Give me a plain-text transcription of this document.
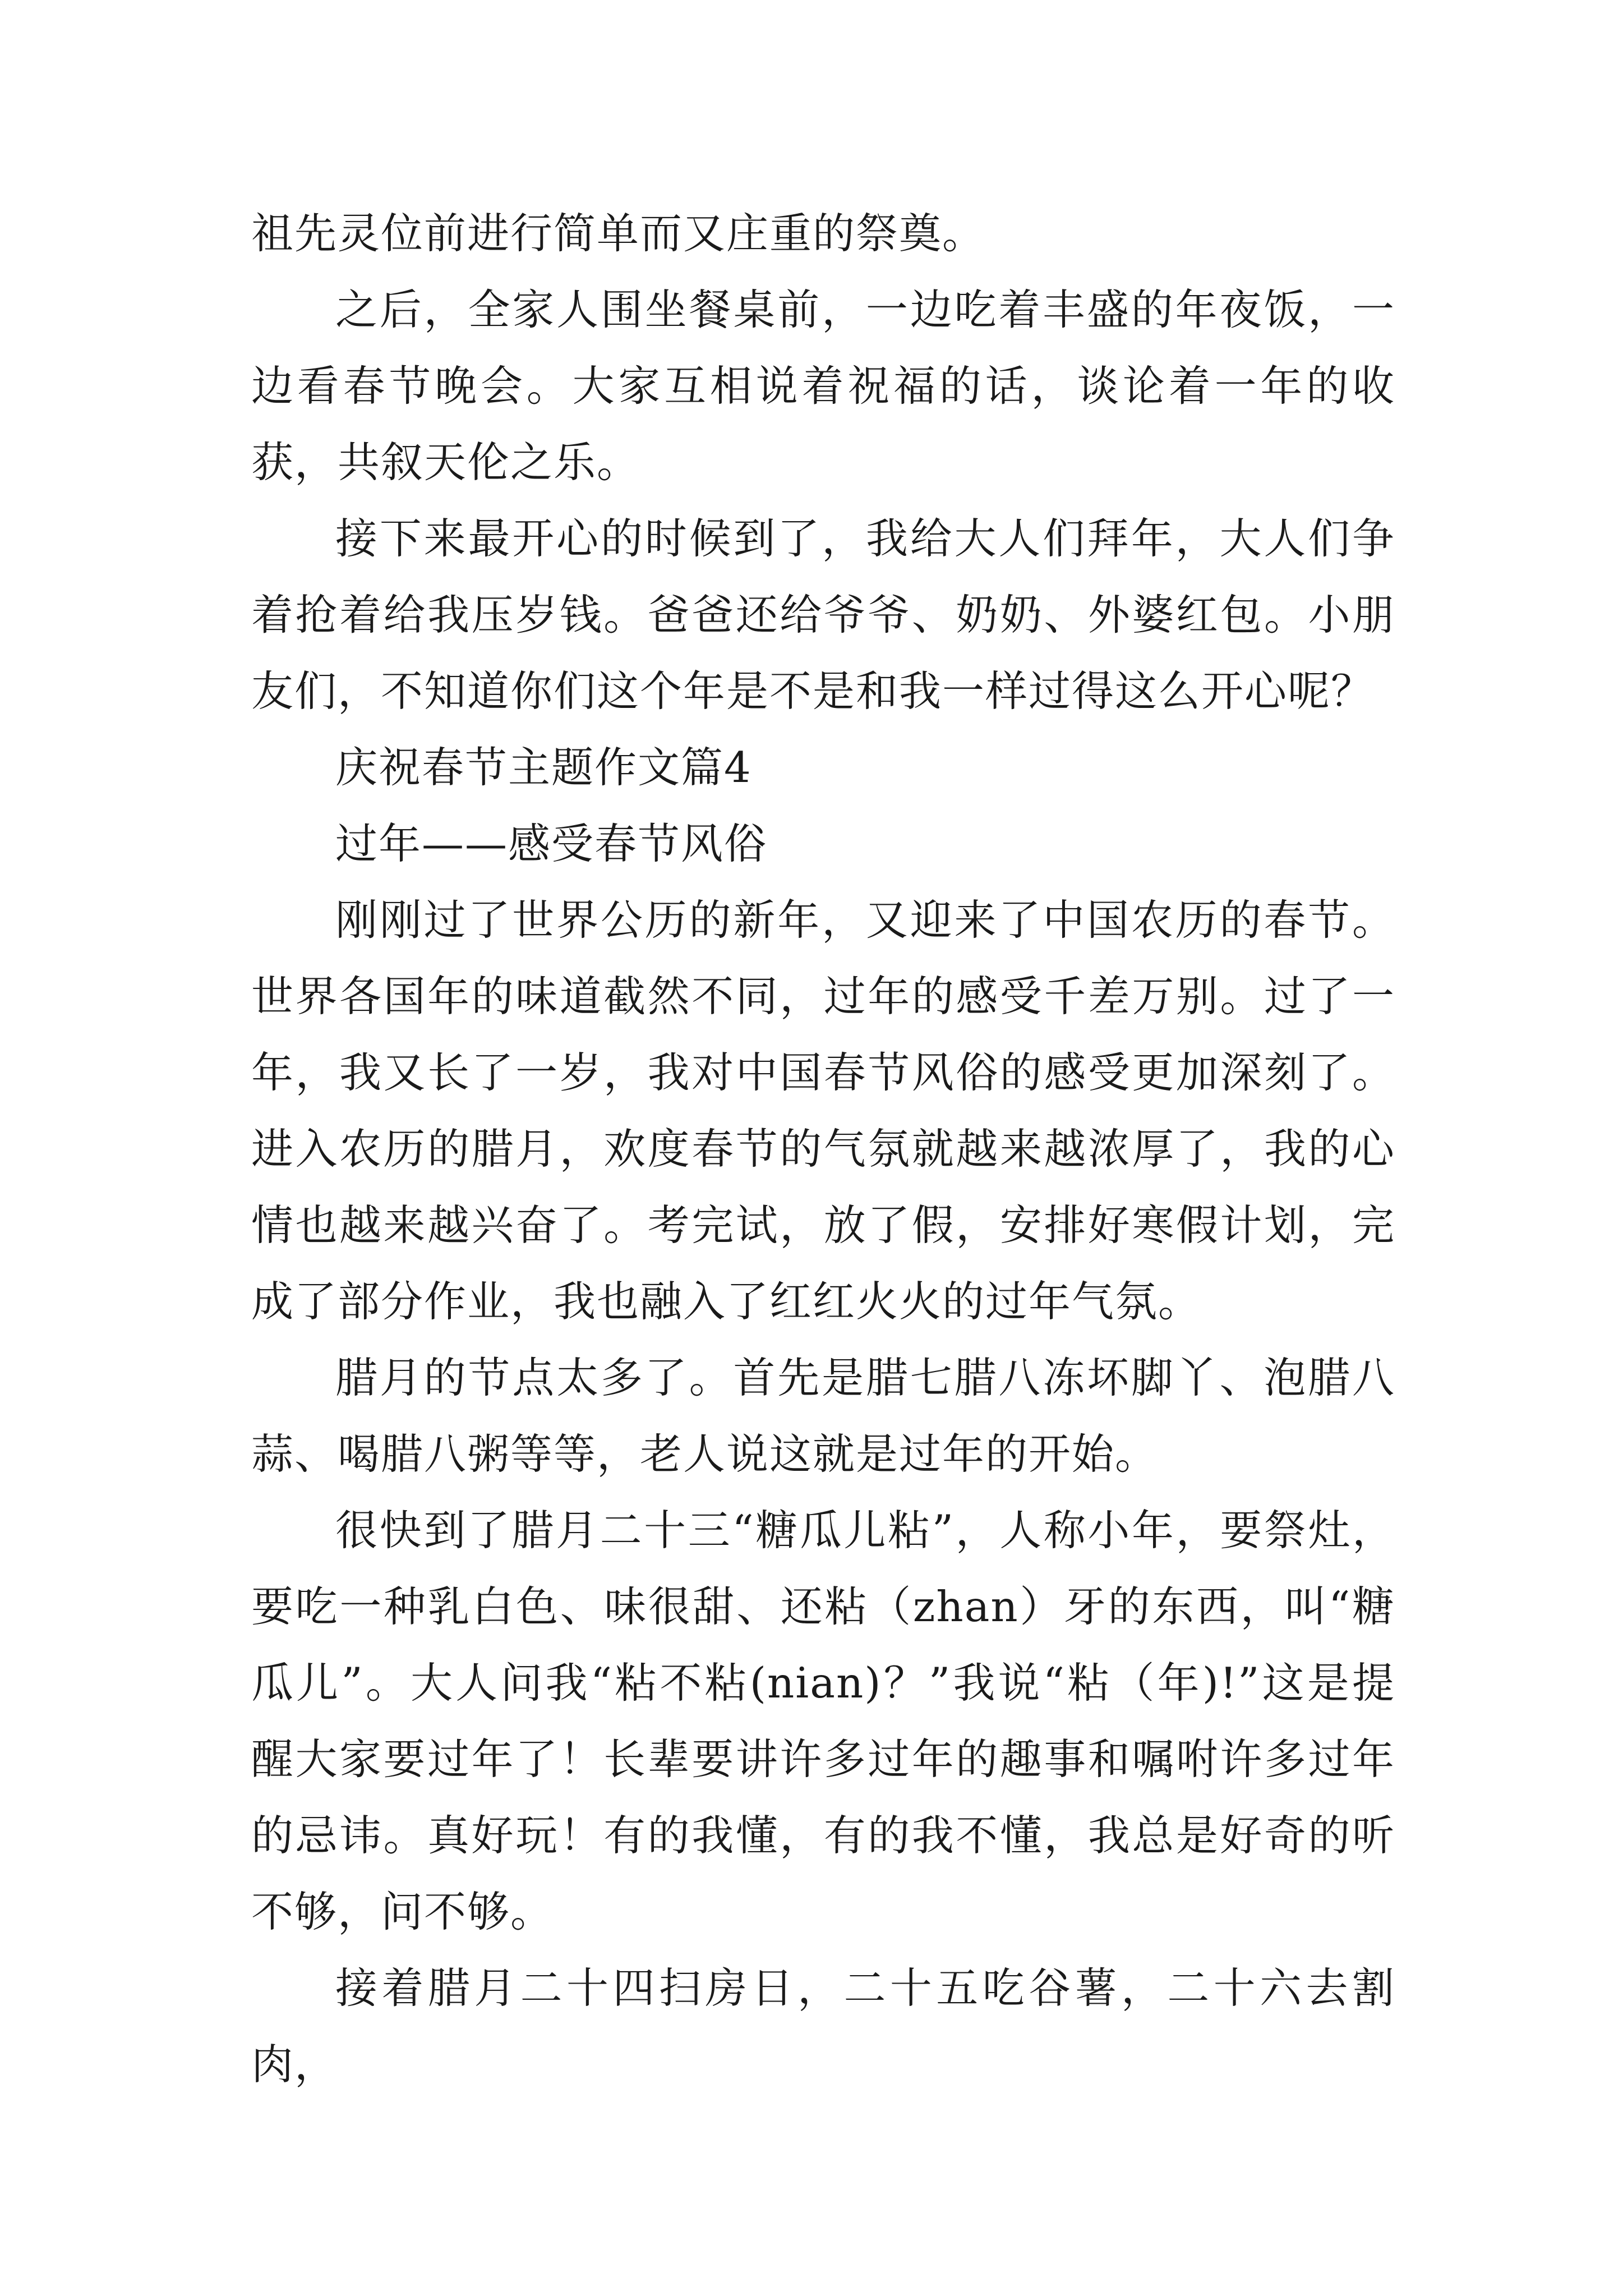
祖先灵位前进行简单而又庄重的祭奠。

之后，全家人围坐餐桌前，一边吃着丰盛的年夜饭，一边看春节晚会。大家互相说着祝福的话，谈论着一年的收获，共叙天伦之乐。

接下来最开心的时候到了，我给大人们拜年，大人们争着抢着给我压岁钱。爸爸还给爷爷、奶奶、外婆红包。小朋友们，不知道你们这个年是不是和我一样过得这么开心呢？

庆祝春节主题作文篇4

过年——感受春节风俗

刚刚过了世界公历的新年，又迎来了中国农历的春节。世界各国年的味道截然不同，过年的感受千差万别。过了一年，我又长了一岁，我对中国春节风俗的感受更加深刻了。进入农历的腊月，欢度春节的气氛就越来越浓厚了，我的心情也越来越兴奋了。考完试，放了假，安排好寒假计划，完成了部分作业，我也融入了红红火火的过年气氛。

腊月的节点太多了。首先是腊七腊八冻坏脚丫、泡腊八蒜、喝腊八粥等等，老人说这就是过年的开始。

很快到了腊月二十三“糖瓜儿粘”，人称小年，要祭灶，要吃一种乳白色、味很甜、还粘（zhan）牙的东西，叫“糖瓜儿”。大人问我“粘不粘(nian)？”我说“粘（年)!”这是提醒大家要过年了！长辈要讲许多过年的趣事和嘱咐许多过年的忌讳。真好玩！有的我懂，有的我不懂，我总是好奇的听不够，问不够。

接着腊月二十四扫房日，二十五吃谷薯，二十六去割肉，
